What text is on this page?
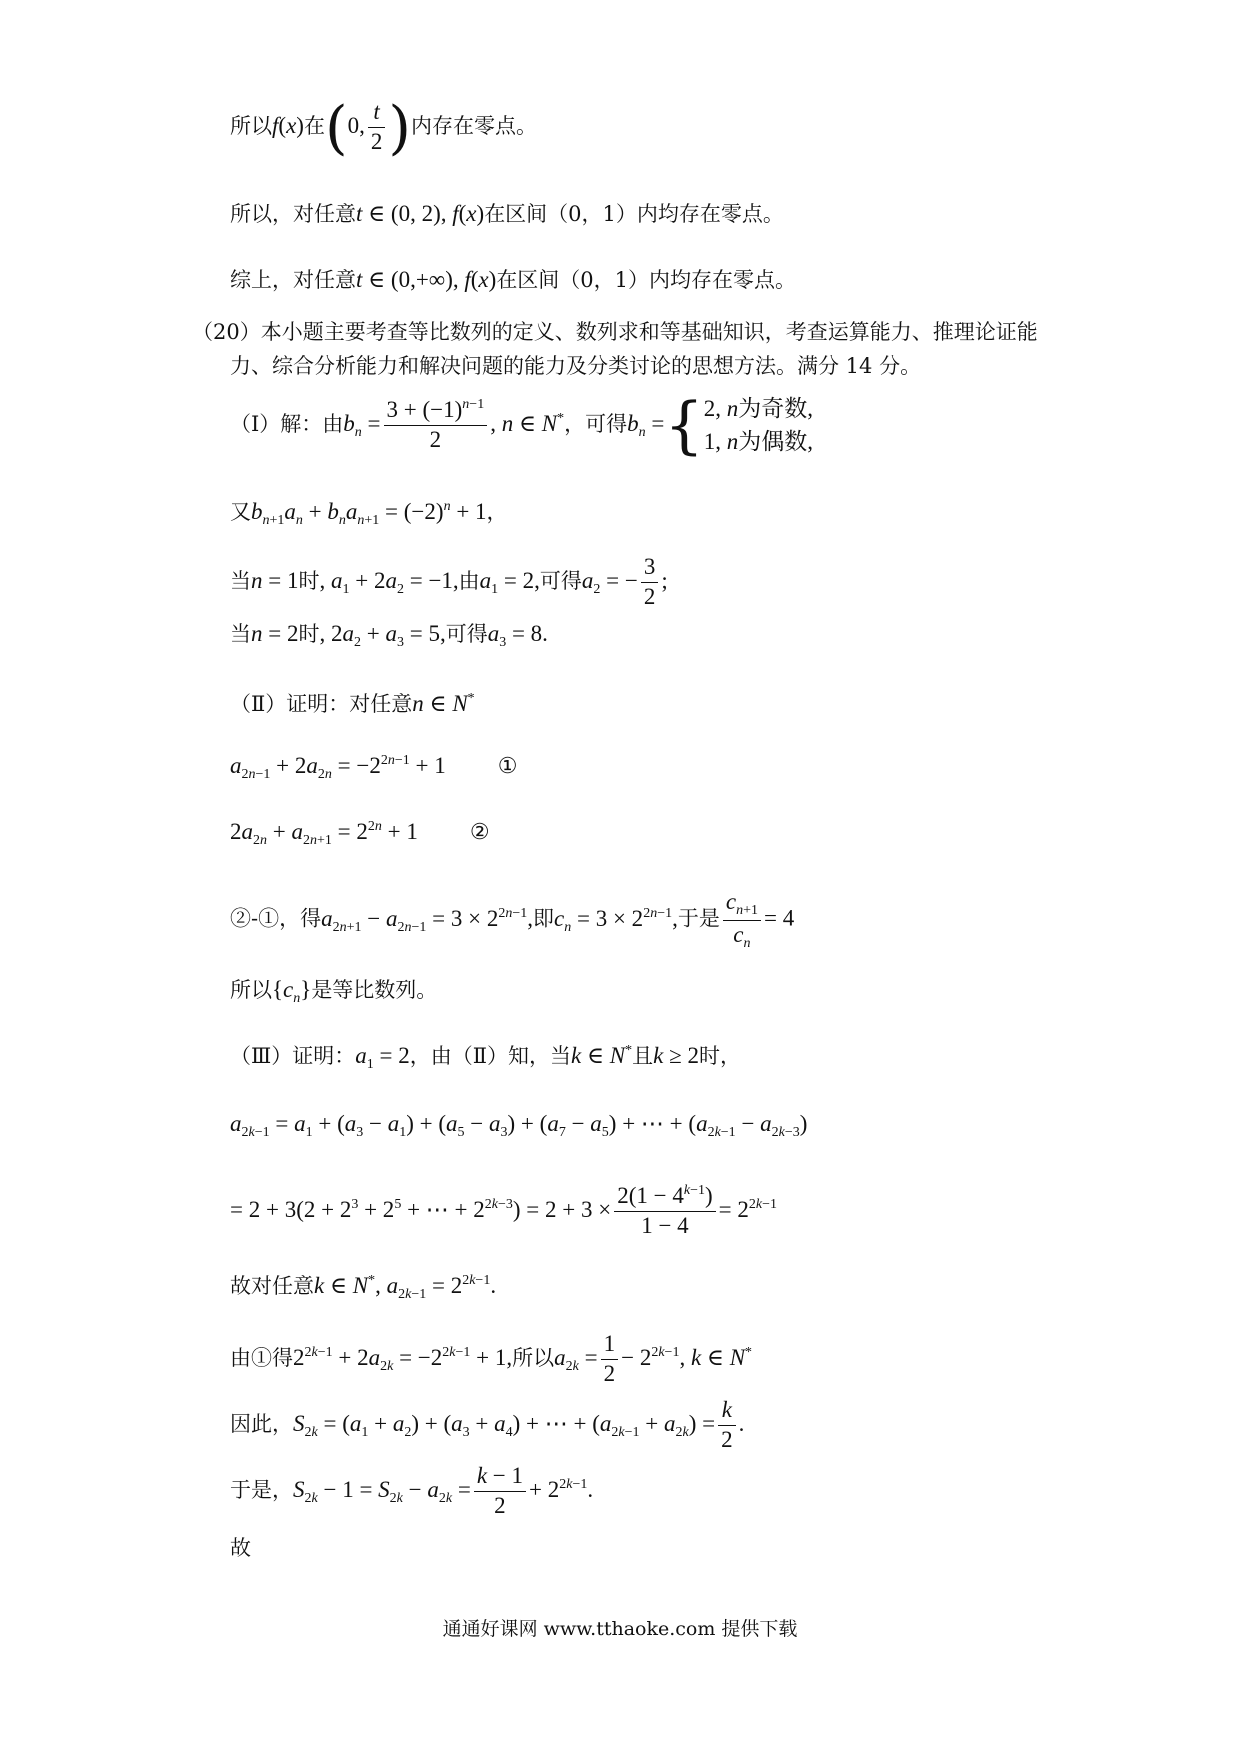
所以f(x)在(0, $\frac{t}{2}$ )内存在零点。
所以，对任意t ∈ (0, 2), f(x)在区间（0，1）内均存在零点。
综上，对任意t ∈ (0,+∞), f(x)在区间（0，1）内均存在零点。
（20）本小题主要考查等比数列的定义、数列求和等基础知识，考查运算能力、推理论证能
力、综合分析能力和解决问题的能力及分类讨论的思想方法。满分 14 分。
（Ⅰ）解：由$b_n = \frac{3 + (-1)^{n-1}}{2}$ , n ∈ N*，可得$b_n =\{2$, n为奇数,
1, n为偶数,
又$b_{n+1}a_n + b_na_{n+1} = (-2)^n + 1$，
当n = 1时, $a_1 + 2a_2 = -1$,由$a_1 = 2$,可得$a_2$ = − $\frac{3}{2}$ ;
当n = 2时, $2a_2 + a_3 = 5$,可得$a_3 = 8$.
（Ⅱ）证明：对任意n ∈ N*
$a_{2n-1} + 2a_{2n} = -2^{2n-1} + 1$ ①
$2a_{2n} + a_{2n+1} = 2^{2n} + 1$ ②
②-①，得$a_{2n+1} - a_{2n-1} = 3 \times 2^{2n-1}$,即$c_n = 3 \times 2^{2n-1}$,于是 $\frac{c_{n+1}}{c_n} = 4$
所以$\{c_n\}$是等比数列。
（Ⅲ）证明：$a_1 = 2$，由（Ⅱ）知，当k ∈ N*且k ≥ 2时，
$a_{2k-1} = a_1 + (a_3 - a_1) + (a_5 - a_3) + (a_7 - a_5)$ + ⋯ + $(a_{2k-1} - a_{2k-3})$
= $2 + 3(2 + 2^3 + 2^5$ + ⋯ + $2^{2k-3}) = 2 + 3 \times \frac{2(1 - 4^{k-1})}{1 - 4} = 2^{2k-1}$
故对任意k ∈ N*, $a_{2k-1} = 2^{2k-1}$.
由①得$2^{2k-1} + 2a_{2k} = -2^{2k-1} + 1$,所以$a_{2k} = \frac{1}{2} - 2^{2k-1}$, k ∈ N*
因此，$S_{2k} = (a_1 + a_2) + (a_3 + a_4)$ + ⋯ + $(a_{2k-1} + a_{2k}) = \frac{k}{2}$ .
于是，$S_{2k} - 1 = S_{2k} - a_{2k} = \frac{k - 1}{2} + 2^{2k-1}$.
故
通通好课网 www.tthaoke.com 提供下载
